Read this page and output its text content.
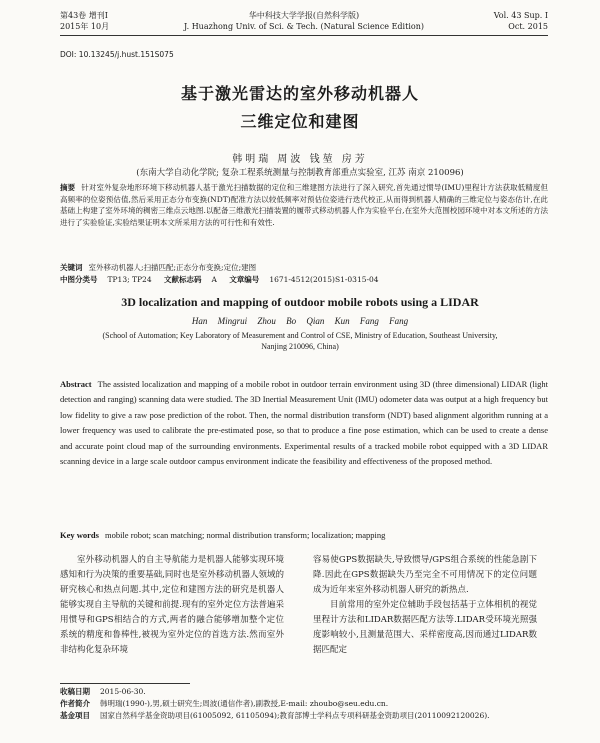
第43卷 增刊Ⅰ
2015年 10月
华中科技大学学报(自然科学版)
J. Huazhong Univ. of Sci. & Tech. (Natural Science Edition)
Vol. 43 Sup. Ⅰ
Oct. 2015
DOI: 10.13245/j.hust.151S075
基于激光雷达的室外移动机器人
三维定位和建图
韩明瑞 周波 钱堃 房芳
(东南大学自动化学院; 复杂工程系统测量与控制教育部重点实验室, 江苏 南京 210096)
摘要 针对室外复杂地形环境下移动机器人基于激光扫描数据的定位和三维建图方法进行了深入研究,首先通过惯导(IMU)里程计方法获取低精度但高频率的位姿预估值,然后采用正态分布变换(NDT)配准方法以较低频率对预估位姿进行迭代校正,从而得到机器人精确的三维定位与姿态估计,在此基础上构建了室外环境的稠密三维点云地图.以配备三维激光扫描装置的履带式移动机器人作为实验平台,在室外大范围校园环境中对本文所述的方法进行了实验验证,实验结果证明本文所采用方法的可行性和有效性.
关键词 室外移动机器人;扫描匹配;正态分布变换;定位;建图
中图分类号 TP13; TP24 文献标志码 A 文章编号 1671-4512(2015)S1-0315-04
3D localization and mapping of outdoor mobile robots using a LIDAR
Han Mingrui Zhou Bo Qian Kun Fang Fang
(School of Automation; Key Laboratory of Measurement and Control of CSE, Ministry of Education, Southeast University, Nanjing 210096, China)
Abstract The assisted localization and mapping of a mobile robot in outdoor terrain environment using 3D (three dimensional) LIDAR (light detection and ranging) scanning data were studied. The 3D Inertial Measurement Unit (IMU) odometer data was output at a high frequency but low fidelity to give a raw pose prediction of the robot. Then, the normal distribution transform (NDT) based alignment algorithm running at a lower frequency was used to calibrate the pre-estimated pose, so that to produce a fine pose estimation, which can be used to create a dense and accurate point cloud map of the surrounding environments. Experimental results of a tracked mobile robot equipped with a 3D LIDAR scanning device in a large scale outdoor campus environment indicate the feasibility and effectiveness of the proposed method.
Key words mobile robot; scan matching; normal distribution transform; localization; mapping
室外移动机器人的自主导航能力是机器人能够实现环境感知和行为决策的重要基础,同时也是室外移动机器人领域的研究核心和热点问题.其中,定位和建图方法的研究是机器人能够实现自主导航的关键和前提.现有的室外定位方法普遍采用惯导和GPS相结合的方式,两者的融合能够增加整个定位系统的精度和鲁棒性,被视为室外定位的首选方法.然而室外非结构化复杂环境

容易使GPS数据缺失,导致惯导/GPS组合系统的性能急剧下降.因此在GPS数据缺失乃至完全不可用情况下的定位问题成为近年来室外移动机器人研究的新热点.

目前常用的室外定位辅助手段包括基于立体相机的视觉里程计方法和LIDAR数据匹配方法等.LIDAR受环境光照强度影响较小,且测量范围大、采样密度高,因而通过LIDAR数据匹配定

收稿日期 2015-06-30.
作者简介 韩明瑞(1990-),男,硕士研究生;周波(通信作者),副教授,E-mail: zhoubo@seu.edu.cn.
基金项目 国家自然科学基金资助项目(61005092, 61105094);教育部博士学科点专项科研基金资助项目(20110092120026).
